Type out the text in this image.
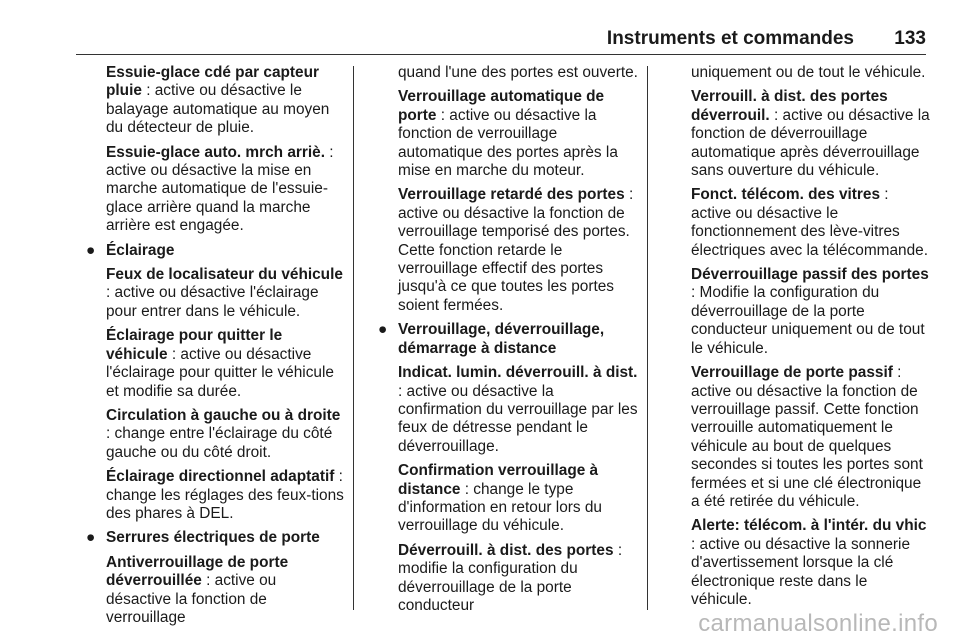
Instruments et commandes 133
Essuie-glace cdé par capteur pluie : active ou désactive le balayage automatique au moyen du détecteur de pluie.
Essuie-glace auto. mrch arriè. : active ou désactive la mise en marche automatique de l'essuie-glace arrière quand la marche arrière est engagée.
● Éclairage
Feux de localisateur du véhicule : active ou désactive l'éclairage pour entrer dans le véhicule.
Éclairage pour quitter le véhicule : active ou désactive l'éclairage pour quitter le véhicule et modifie sa durée.
Circulation à gauche ou à droite : change entre l'éclairage du côté gauche ou du côté droit.
Éclairage directionnel adaptatif : change les réglages des feux-tions des phares à DEL.
● Serrures électriques de porte
Antiverrouillage de porte déverrouillée : active ou désactive la fonction de verrouillage
quand l'une des portes est ouverte.
Verrouillage automatique de porte : active ou désactive la fonction de verrouillage automatique des portes après la mise en marche du moteur.
Verrouillage retardé des portes : active ou désactive la fonction de verrouillage temporisé des portes. Cette fonction retarde le verrouillage effectif des portes jusqu'à ce que toutes les portes soient fermées.
● Verrouillage, déverrouillage, démarrage à distance
Indicat. lumin. déverrouill. à dist. : active ou désactive la confirmation du verrouillage par les feux de détresse pendant le déverrouillage.
Confirmation verrouillage à distance : change le type d'information en retour lors du verrouillage du véhicule.
Déverrouill. à dist. des portes : modifie la configuration du déverrouillage de la porte conducteur
uniquement ou de tout le véhicule.
Verrouill. à dist. des portes déverrouil. : active ou désactive la fonction de déverrouillage automatique après déverrouillage sans ouverture du véhicule.
Fonct. télécom. des vitres : active ou désactive le fonctionnement des lève-vitres électriques avec la télécommande.
Déverrouillage passif des portes : Modifie la configuration du déverrouillage de la porte conducteur uniquement ou de tout le véhicule.
Verrouillage de porte passif : active ou désactive la fonction de verrouillage passif. Cette fonction verrouille automatiquement le véhicule au bout de quelques secondes si toutes les portes sont fermées et si une clé électronique a été retirée du véhicule.
Alerte: télécom. à l'intér. du vhic : active ou désactive la sonnerie d'avertissement lorsque la clé électronique reste dans le véhicule.
carmanualsonline.info
